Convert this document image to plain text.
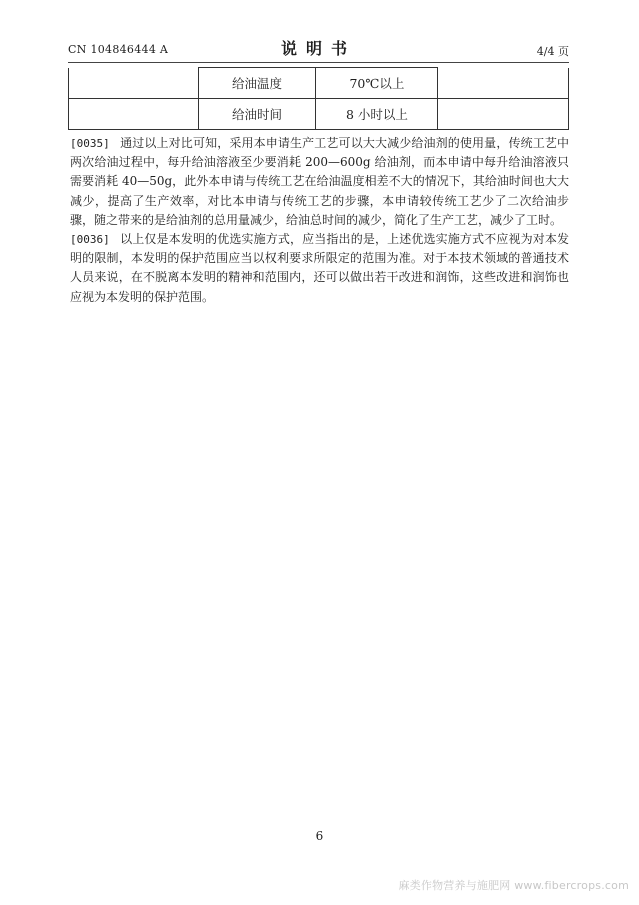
CN 104846444 A	说明书	4/4 页
	给油温度	70℃以上	
	给油时间	8 小时以上	

[0035] 通过以上对比可知，采用本申请生产工艺可以大大减少给油剂的使用量，传统工艺中两次给油过程中，每升给油溶液至少要消耗 200—600g 给油剂，而本申请中每升给油溶液只需要消耗 40—50g，此外本申请与传统工艺在给油温度相差不大的情况下，其给油时间也大大减少，提高了生产效率，对比本申请与传统工艺的步骤，本申请较传统工艺少了二次给油步骤，随之带来的是给油剂的总用量减少，给油总时间的减少，简化了生产工艺，减少了工时。

[0036] 以上仅是本发明的优选实施方式，应当指出的是，上述优选实施方式不应视为对本发明的限制，本发明的保护范围应当以权利要求所限定的范围为准。对于本技术领域的普通技术人员来说，在不脱离本发明的精神和范围内，还可以做出若干改进和润饰，这些改进和润饰也应视为本发明的保护范围。

6
麻类作物营养与施肥网 www.fibercrops.com
